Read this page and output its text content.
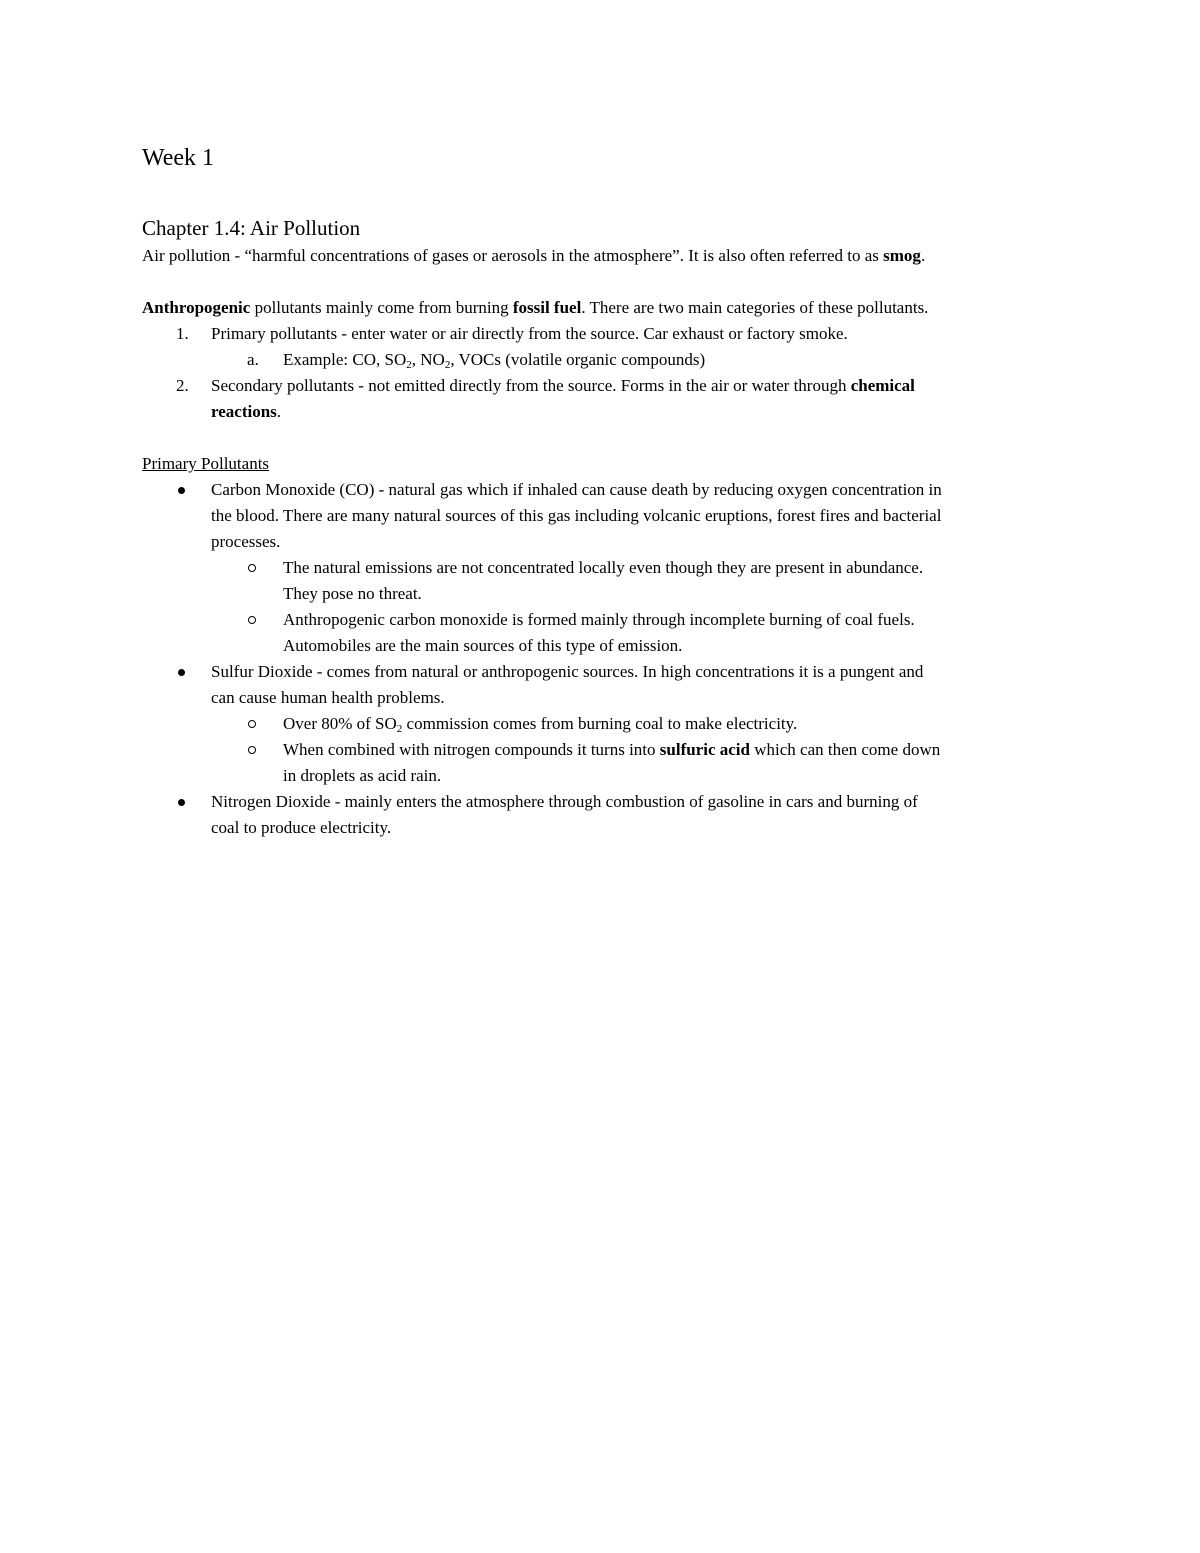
Week 1
Chapter 1.4: Air Pollution
Air pollution - “harmful concentrations of gases or aerosols in the atmosphere”. It is also often referred to as smog.
Anthropogenic pollutants mainly come from burning fossil fuel. There are two main categories of these pollutants.
1. Primary pollutants - enter water or air directly from the source. Car exhaust or factory smoke.
a. Example: CO, $SO_2$, $NO_2$, VOCs (volatile organic compounds)
2. Secondary pollutants - not emitted directly from the source. Forms in the air or water through chemical
reactions.
Primary Pollutants
Carbon Monoxide (CO) - natural gas which if inhaled can cause death by reducing oxygen concentration in
the blood. There are many natural sources of this gas including volcanic eruptions, forest fires and bacterial
processes.
The natural emissions are not concentrated locally even though they are present in abundance.
They pose no threat.
Anthropogenic carbon monoxide is formed mainly through incomplete burning of coal fuels.
Automobiles are the main sources of this type of emission.
Sulfur Dioxide - comes from natural or anthropogenic sources. In high concentrations it is a pungent and
can cause human health problems.
Over 80% of $SO_2$ commission comes from burning coal to make electricity.
When combined with nitrogen compounds it turns into sulfuric acid which can then come down
in droplets as acid rain.
Nitrogen Dioxide - mainly enters the atmosphere through combustion of gasoline in cars and burning of
coal to produce electricity.
